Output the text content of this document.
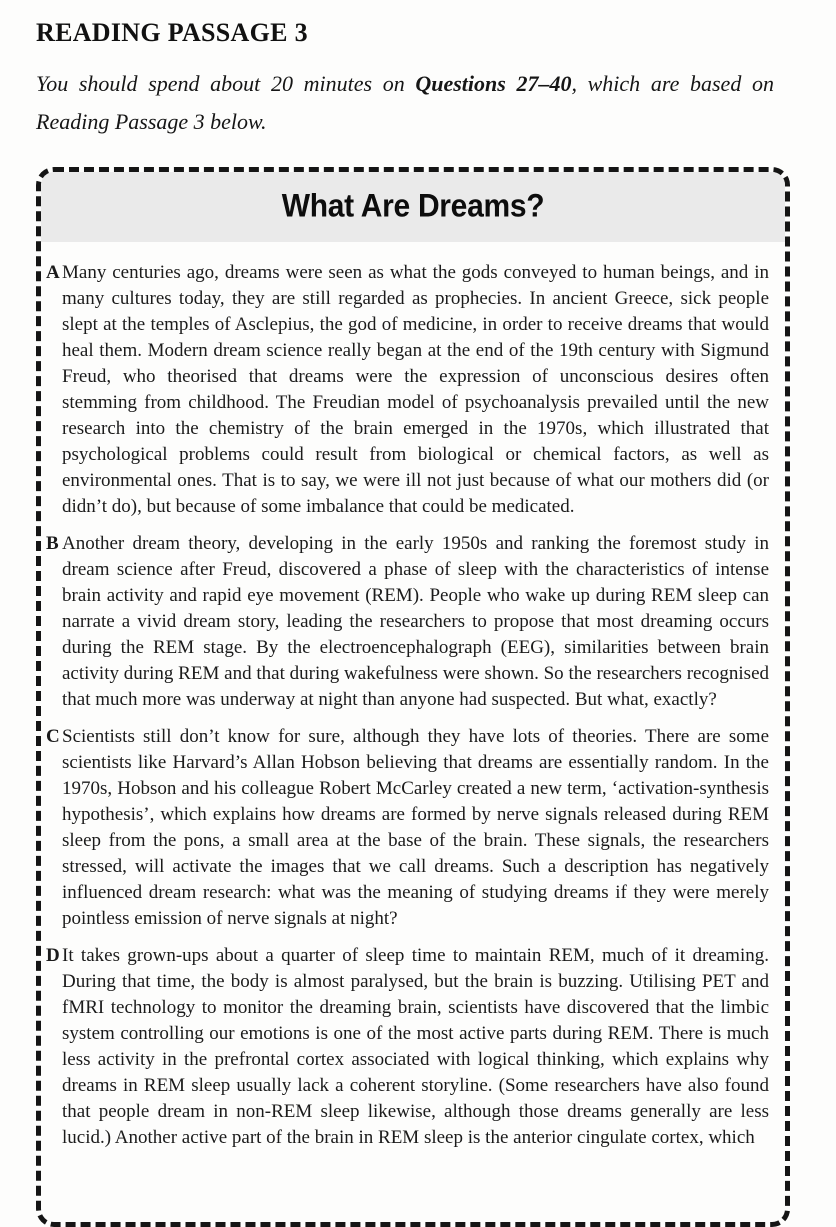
READING PASSAGE 3
You should spend about 20 minutes on Questions 27–40, which are based on
Reading Passage 3 below.
What Are Dreams?
A Many centuries ago, dreams were seen as what the gods conveyed to human beings, and in many cultures today, they are still regarded as prophecies. In ancient Greece, sick people slept at the temples of Asclepius, the god of medicine, in order to receive dreams that would heal them. Modern dream science really began at the end of the 19th century with Sigmund Freud, who theorised that dreams were the expression of unconscious desires often stemming from childhood. The Freudian model of psychoanalysis prevailed until the new research into the chemistry of the brain emerged in the 1970s, which illustrated that psychological problems could result from biological or chemical factors, as well as environmental ones. That is to say, we were ill not just because of what our mothers did (or didn’t do), but because of some imbalance that could be medicated.
B Another dream theory, developing in the early 1950s and ranking the foremost study in dream science after Freud, discovered a phase of sleep with the characteristics of intense brain activity and rapid eye movement (REM). People who wake up during REM sleep can narrate a vivid dream story, leading the researchers to propose that most dreaming occurs during the REM stage. By the electroencephalograph (EEG), similarities between brain activity during REM and that during wakefulness were shown. So the researchers recognised that much more was underway at night than anyone had suspected. But what, exactly?
C Scientists still don’t know for sure, although they have lots of theories. There are some scientists like Harvard’s Allan Hobson believing that dreams are essentially random. In the 1970s, Hobson and his colleague Robert McCarley created a new term, ‘activation-synthesis hypothesis’, which explains how dreams are formed by nerve signals released during REM sleep from the pons, a small area at the base of the brain. These signals, the researchers stressed, will activate the images that we call dreams. Such a description has negatively influenced dream research: what was the meaning of studying dreams if they were merely pointless emission of nerve signals at night?
D It takes grown-ups about a quarter of sleep time to maintain REM, much of it dreaming. During that time, the body is almost paralysed, but the brain is buzzing. Utilising PET and fMRI technology to monitor the dreaming brain, scientists have discovered that the limbic system controlling our emotions is one of the most active parts during REM. There is much less activity in the prefrontal cortex associated with logical thinking, which explains why dreams in REM sleep usually lack a coherent storyline. (Some researchers have also found that people dream in non-REM sleep likewise, although those dreams generally are less lucid.) Another active part of the brain in REM sleep is the anterior cingulate cortex, which
